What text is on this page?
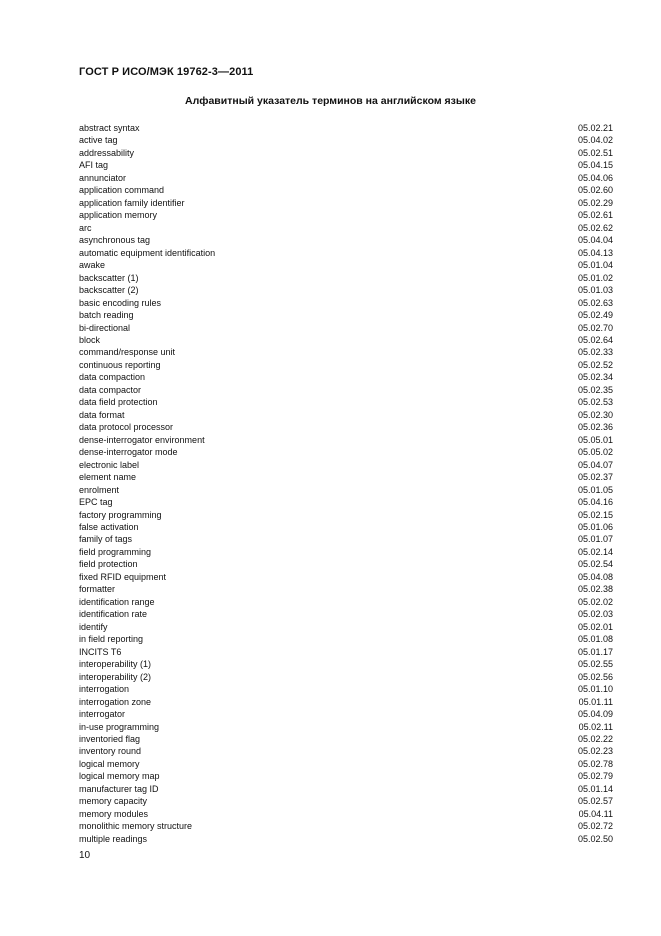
ГОСТ Р ИСО/МЭК 19762-3—2011
Алфавитный указатель терминов на английском языке
abstract syntax	05.02.21
active tag	05.04.02
addressability	05.02.51
AFI tag	05.04.15
annunciator	05.04.06
application command	05.02.60
application family identifier	05.02.29
application memory	05.02.61
arc	05.02.62
asynchronous tag	05.04.04
automatic equipment identification	05.04.13
awake	05.01.04
backscatter (1)	05.01.02
backscatter (2)	05.01.03
basic encoding rules	05.02.63
batch reading	05.02.49
bi-directional	05.02.70
block	05.02.64
command/response unit	05.02.33
continuous reporting	05.02.52
data compaction	05.02.34
data compactor	05.02.35
data field protection	05.02.53
data format	05.02.30
data protocol processor	05.02.36
dense-interrogator environment	05.05.01
dense-interrogator mode	05.05.02
electronic label	05.04.07
element name	05.02.37
enrolment	05.01.05
EPC tag	05.04.16
factory programming	05.02.15
false activation	05.01.06
family of tags	05.01.07
field programming	05.02.14
field protection	05.02.54
fixed RFID equipment	05.04.08
formatter	05.02.38
identification range	05.02.02
identification rate	05.02.03
identify	05.02.01
in field reporting	05.01.08
INCITS T6	05.01.17
interoperability (1)	05.02.55
interoperability (2)	05.02.56
interrogation	05.01.10
interrogation zone	05.01.11
interrogator	05.04.09
in-use programming	05.02.11
inventoried flag	05.02.22
inventory round	05.02.23
logical memory	05.02.78
logical memory map	05.02.79
manufacturer tag ID	05.01.14
memory capacity	05.02.57
memory modules	05.04.11
monolithic memory structure	05.02.72
multiple readings	05.02.50
10
